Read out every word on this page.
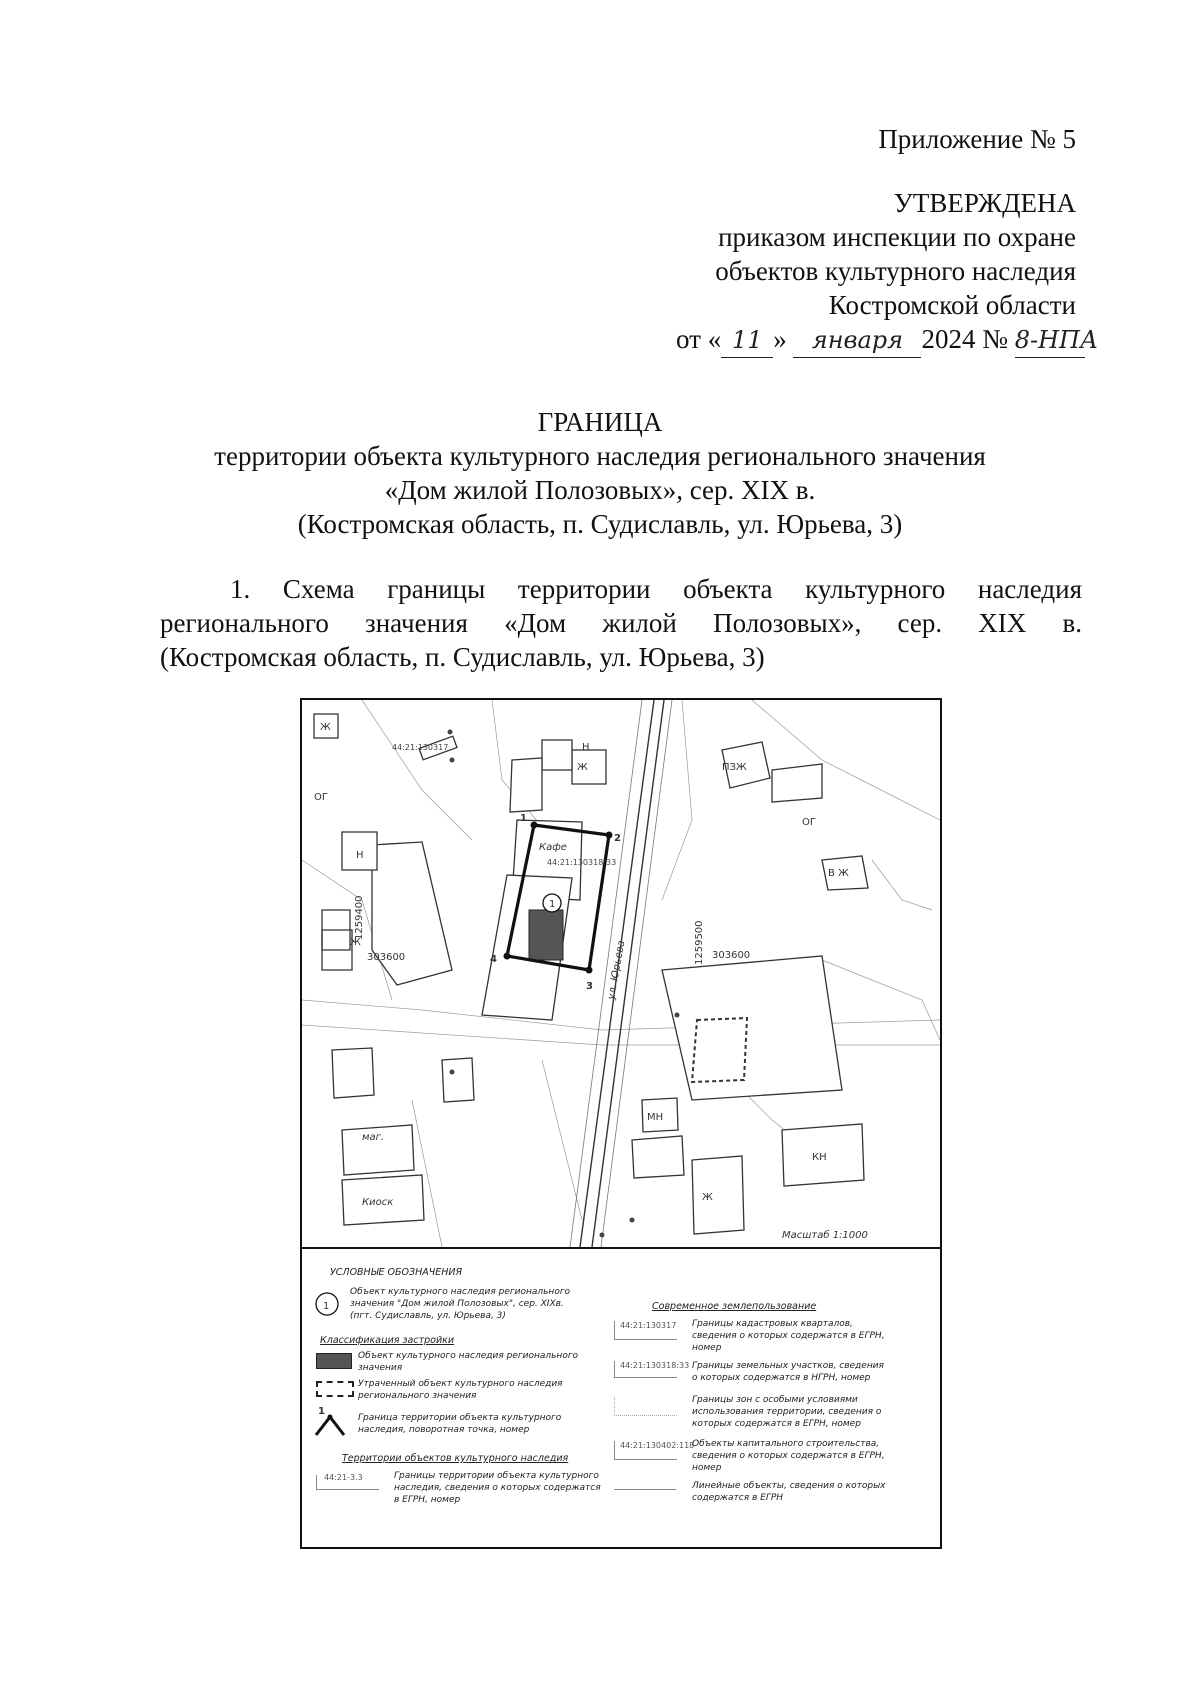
Приложение № 5
УТВЕРЖДЕНА
приказом инспекции по охране
объектов культурного наследия
Костромской области
от « 11 » января 2024 № 8-НПА
ГРАНИЦА
территории объекта культурного наследия регионального значения
«Дом жилой Полозовых», сер. XIX в.
(Костромская область, п. Судиславль, ул. Юрьева, 3)
1. Схема границы территории объекта культурного наследия
регионального значения «Дом жилой Полозовых», сер. XIX в.
(Костромская область, п. Судиславль, ул. Юрьева, 3)
1
2
3
4
1
Кафе
ул. Юрьева
303600	303600
1259400
1259500
Ж
Ж
Ж
Ж
ОГ
ОГ
Н
Н
МН
КН
маг.
Киоск
ПЗЖ
В Ж
44:21:130317
44:21:130318:33
Масштаб 1:1000
УСЛОВНЫЕ ОБОЗНАЧЕНИЯ
1
Объект культурного наследия регионального
значения "Дом жилой Полозовых", сер. XIXв.
(пгт. Судиславль, ул. Юрьева, 3)
Классификация застройки
Объект культурного наследия регионального
значения
Утраченный объект культурного наследия
регионального значения
1
Граница территории объекта культурного
наследия, поворотная точка, номер
Территории объектов культурного наследия
44:21-3.3	Границы территории объекта культурного
наследия, сведения о которых содержатся
в ЕГРН, номер
Современное землепользование
44:21:130317 Границы кадастровых кварталов,
сведения о которых содержатся в ЕГРН,
номер
44:21:130318:33 Границы земельных участков, сведения
о которых содержатся в НГРН, номер
Границы зон с особыми условиями
использования территории, сведения о
которых содержатся в ЕГРН, номер
44:21:130402:118
Объекты капитального строительства,
сведения о которых содержатся в ЕГРН,
номер
Линейные объекты, сведения о которых
содержатся в ЕГРН
